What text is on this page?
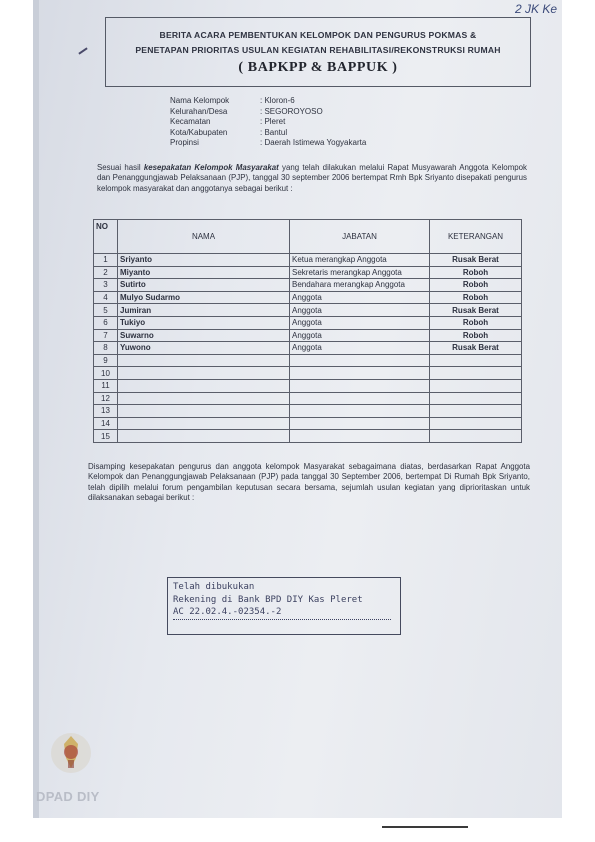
2 JK Ke
BERITA ACARA PEMBENTUKAN KELOMPOK DAN PENGURUS POKMAS &
PENETAPAN PRIORITAS USULAN KEGIATAN REHABILITASI/REKONSTRUKSI RUMAH
( BAPKPP & BAPPUK )
Nama Kelompok	: Kloron-6
Kelurahan/Desa	: SEGOROYOSO
Kecamatan	: Pleret
Kota/Kabupaten	: Bantul
Propinsi	: Daerah Istimewa Yogyakarta
Sesuai hasil kesepakatan Kelompok Masyarakat yang telah dilakukan melalui Rapat Musyawarah Anggota Kelompok dan Penanggungjawab Pelaksanaan (PJP), tanggal 30 september 2006 bertempat Rmh Bpk Sriyanto disepakati pengurus kelompok masyarakat dan anggotanya sebagai berikut :
NO	NAMA	JABATAN	KETERANGAN
1	Sriyanto	Ketua merangkap Anggota	Rusak Berat
2	Miyanto	Sekretaris merangkap Anggota	Roboh
3	Sutirto	Bendahara merangkap Anggota	Roboh
4	Mulyo Sudarmo	Anggota	Roboh
5	Jumiran	Anggota	Rusak Berat
6	Tukiyo	Anggota	Roboh
7	Suwarno	Anggota	Roboh
8	Yuwono	Anggota	Rusak Berat
9			
10			
11			
12			
13			
14			
15			
Disamping kesepakatan pengurus dan anggota kelompok Masyarakat sebagaimana diatas, berdasarkan Rapat Anggota Kelompok dan Penanggungjawab Pelaksanaan (PJP) pada tanggal 30 September 2006, bertempat Di Rumah Bpk Sriyanto, telah dipilih melalui forum pengambilan keputusan secara bersama, sejumlah usulan kegiatan yang diprioritaskan untuk dilaksanakan sebagai berikut :
Telah dibukukan
Rekening di Bank BPD DIY Kas Pleret
AC 22.02.4.-02354.-2
DPAD DIY
